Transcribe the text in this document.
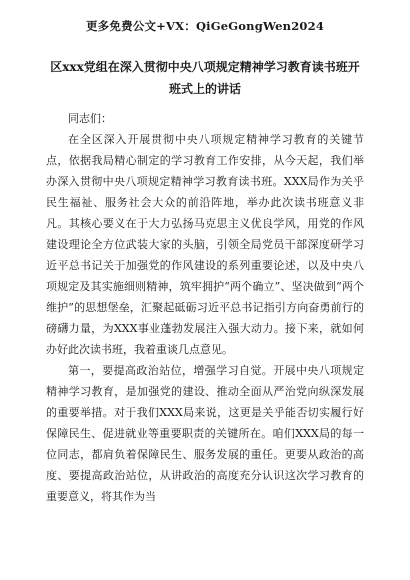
更多免费公文+VX：QiGeGongWen2024
区xxx党组在深入贯彻中央八项规定精神学习教育读书班开
班式上的讲话

同志们：

在全区深入开展贯彻中央八项规定精神学习教育的关键节点，依据我局精心制定的学习教育工作安排，从今天起，我们举办深入贯彻中央八项规定精神学习教育读书班。XXX局作为关乎民生福祉、服务社会大众的前沿阵地，举办此次读书班意义非凡。其核心要义在于大力弘扬马克思主义优良学风，用党的作风建设理论全方位武装大家的头脑，引领全局党员干部深度研学习近平总书记关于加强党的作风建设的系列重要论述，以及中央八项规定及其实施细则精神，筑牢拥护“两个确立”、坚决做到“两个维护”的思想堡垒，汇聚起砥砺习近平总书记指引方向奋勇前行的磅礴力量，为XXX事业蓬勃发展注入强大动力。接下来，就如何办好此次读书班，我着重谈几点意见。

第一，要提高政治站位，增强学习自觉。开展中央八项规定精神学习教育，是加强党的建设、推动全面从严治党向纵深发展的重要举措。对于我们XXX局来说，这更是关乎能否切实履行好保障民生、促进就业等重要职责的关键所在。咱们XXX局的每一位同志，都肩负着保障民生、服务发展的重任。更要从政治的高度、要提高政治站位，从讲政治的高度充分认识这次学习教育的重要意义，将其作为当
